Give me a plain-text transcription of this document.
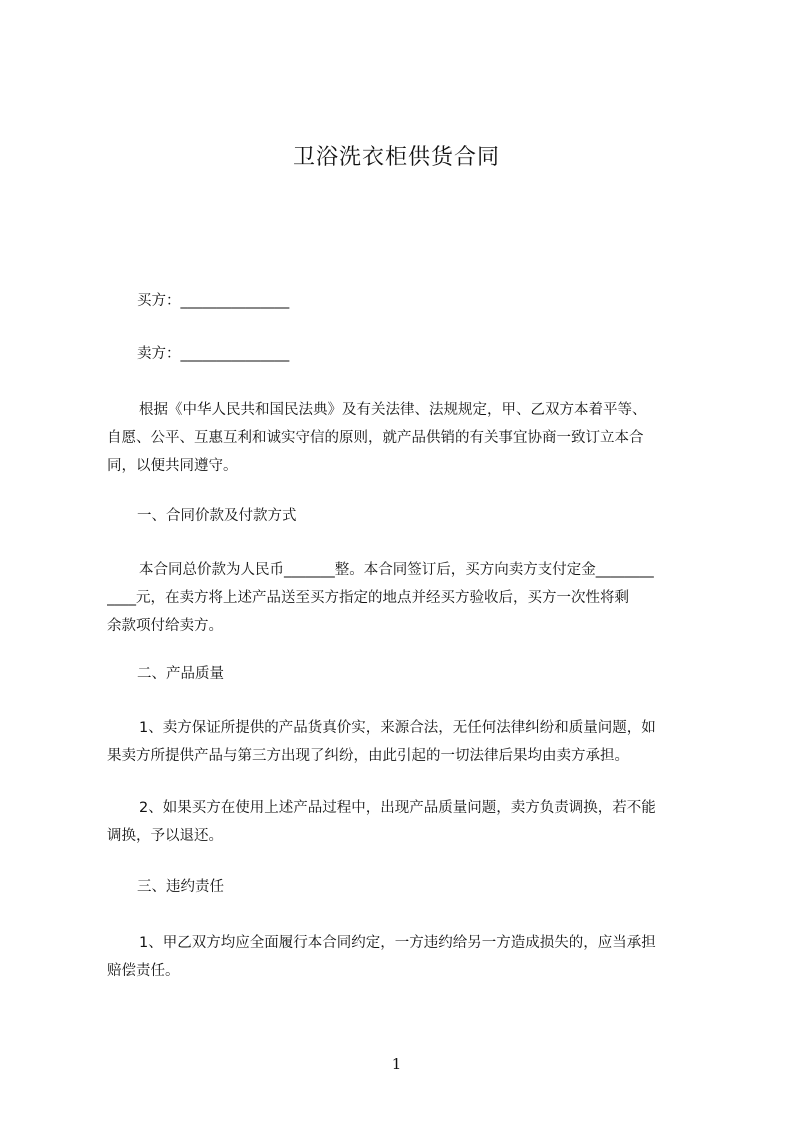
卫浴洗衣柜供货合同
买方：_______________
卖方：_______________
根据《中华人民共和国民法典》及有关法律、法规规定，甲、乙双方本着平等、
自愿、公平、互惠互利和诚实守信的原则，就产品供销的有关事宜协商一致订立本合
同，以便共同遵守。
一、合同价款及付款方式
本合同总价款为人民币_______整。本合同签订后，买方向卖方支付定金________
____元，在卖方将上述产品送至买方指定的地点并经买方验收后，买方一次性将剩
余款项付给卖方。
二、产品质量
1、卖方保证所提供的产品货真价实，来源合法，无任何法律纠纷和质量问题，如
果卖方所提供产品与第三方出现了纠纷，由此引起的一切法律后果均由卖方承担。
2、如果买方在使用上述产品过程中，出现产品质量问题，卖方负责调换，若不能
调换，予以退还。
三、违约责任
1、甲乙双方均应全面履行本合同约定，一方违约给另一方造成损失的，应当承担
赔偿责任。
1
